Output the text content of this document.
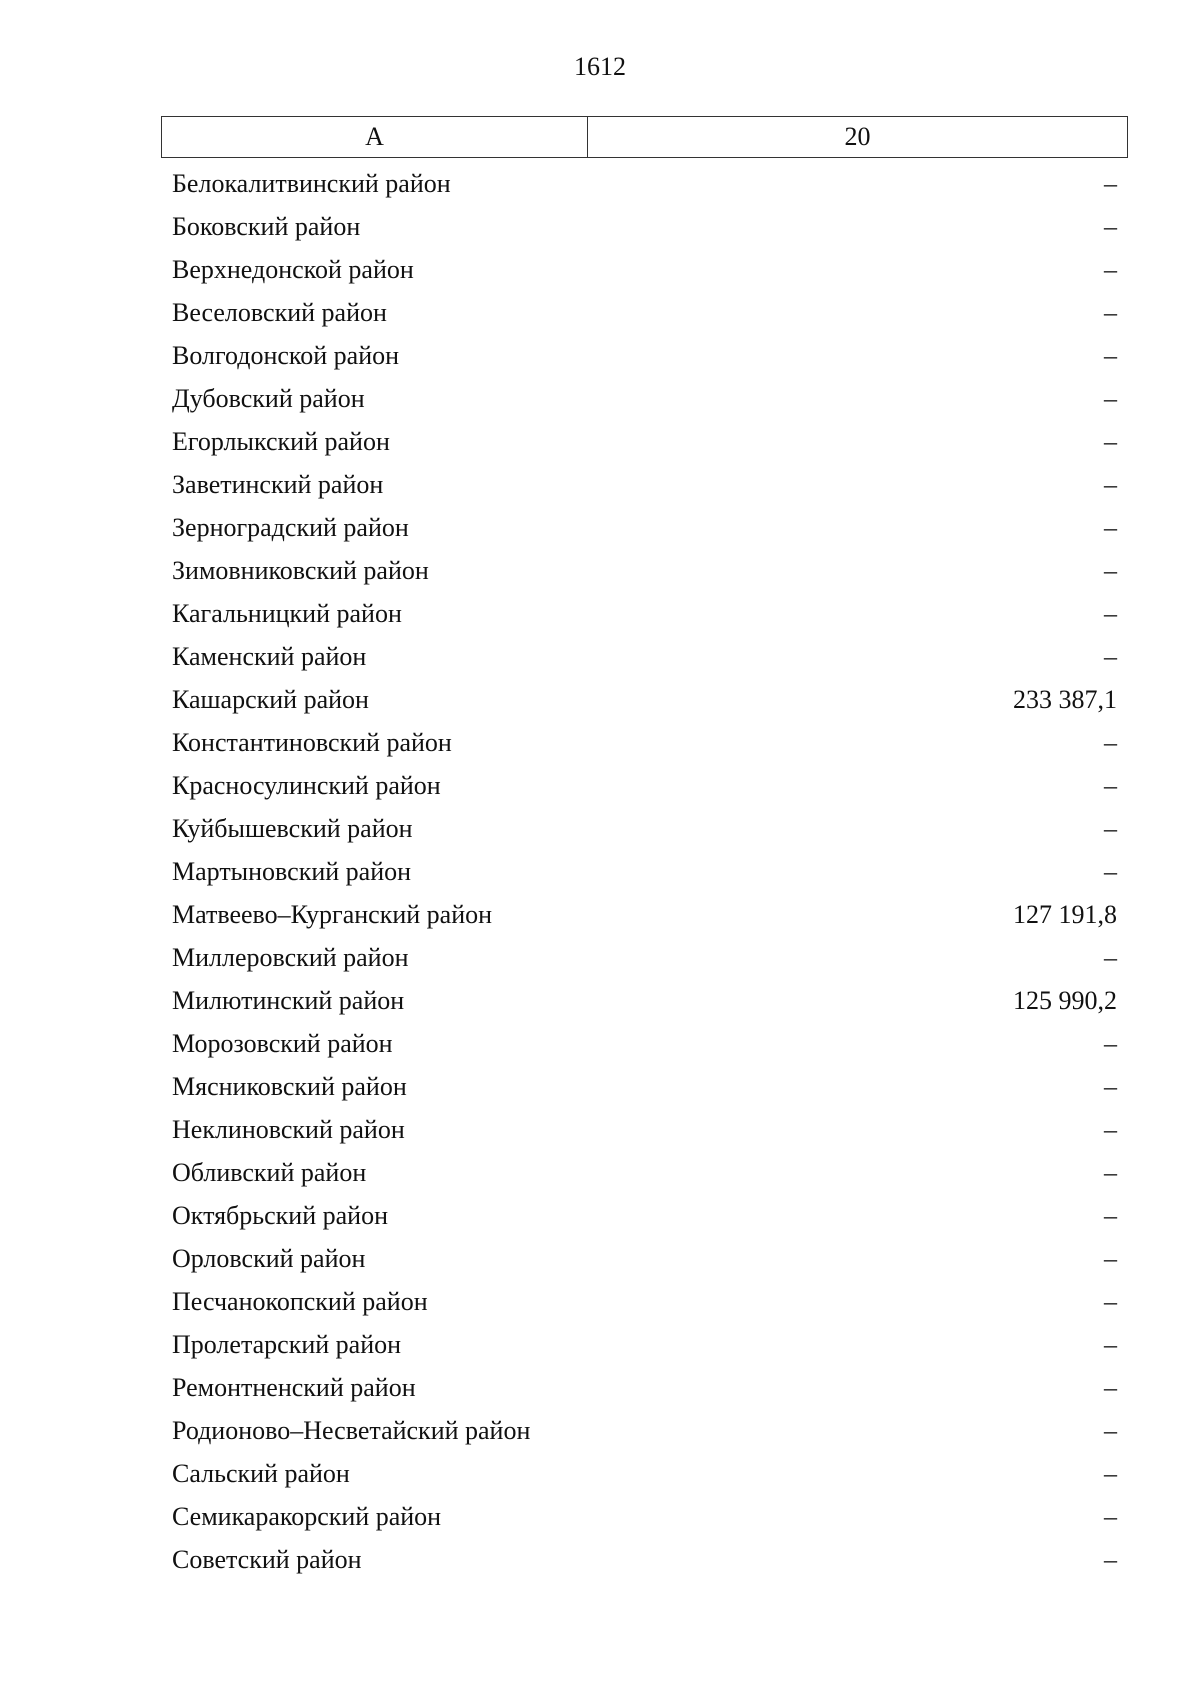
1612
А	20
Белокалитвинский район	–
Боковский район	–
Верхнедонской район	–
Веселовский район	–
Волгодонской район	–
Дубовский район	–
Егорлыкский район	–
Заветинский район	–
Зерноградский район	–
Зимовниковский район	–
Кагальницкий район	–
Каменский район	–
Кашарский район	233 387,1
Константиновский район	–
Красносулинский район	–
Куйбышевский район	–
Мартыновский район	–
Матвеево–Курганский район	127 191,8
Миллеровский район	–
Милютинский район	125 990,2
Морозовский район	–
Мясниковский район	–
Неклиновский район	–
Обливский район	–
Октябрьский район	–
Орловский район	–
Песчанокопский район	–
Пролетарский район	–
Ремонтненский район	–
Родионово–Несветайский район	–
Сальский район	–
Семикаракорский район	–
Советский район	–
